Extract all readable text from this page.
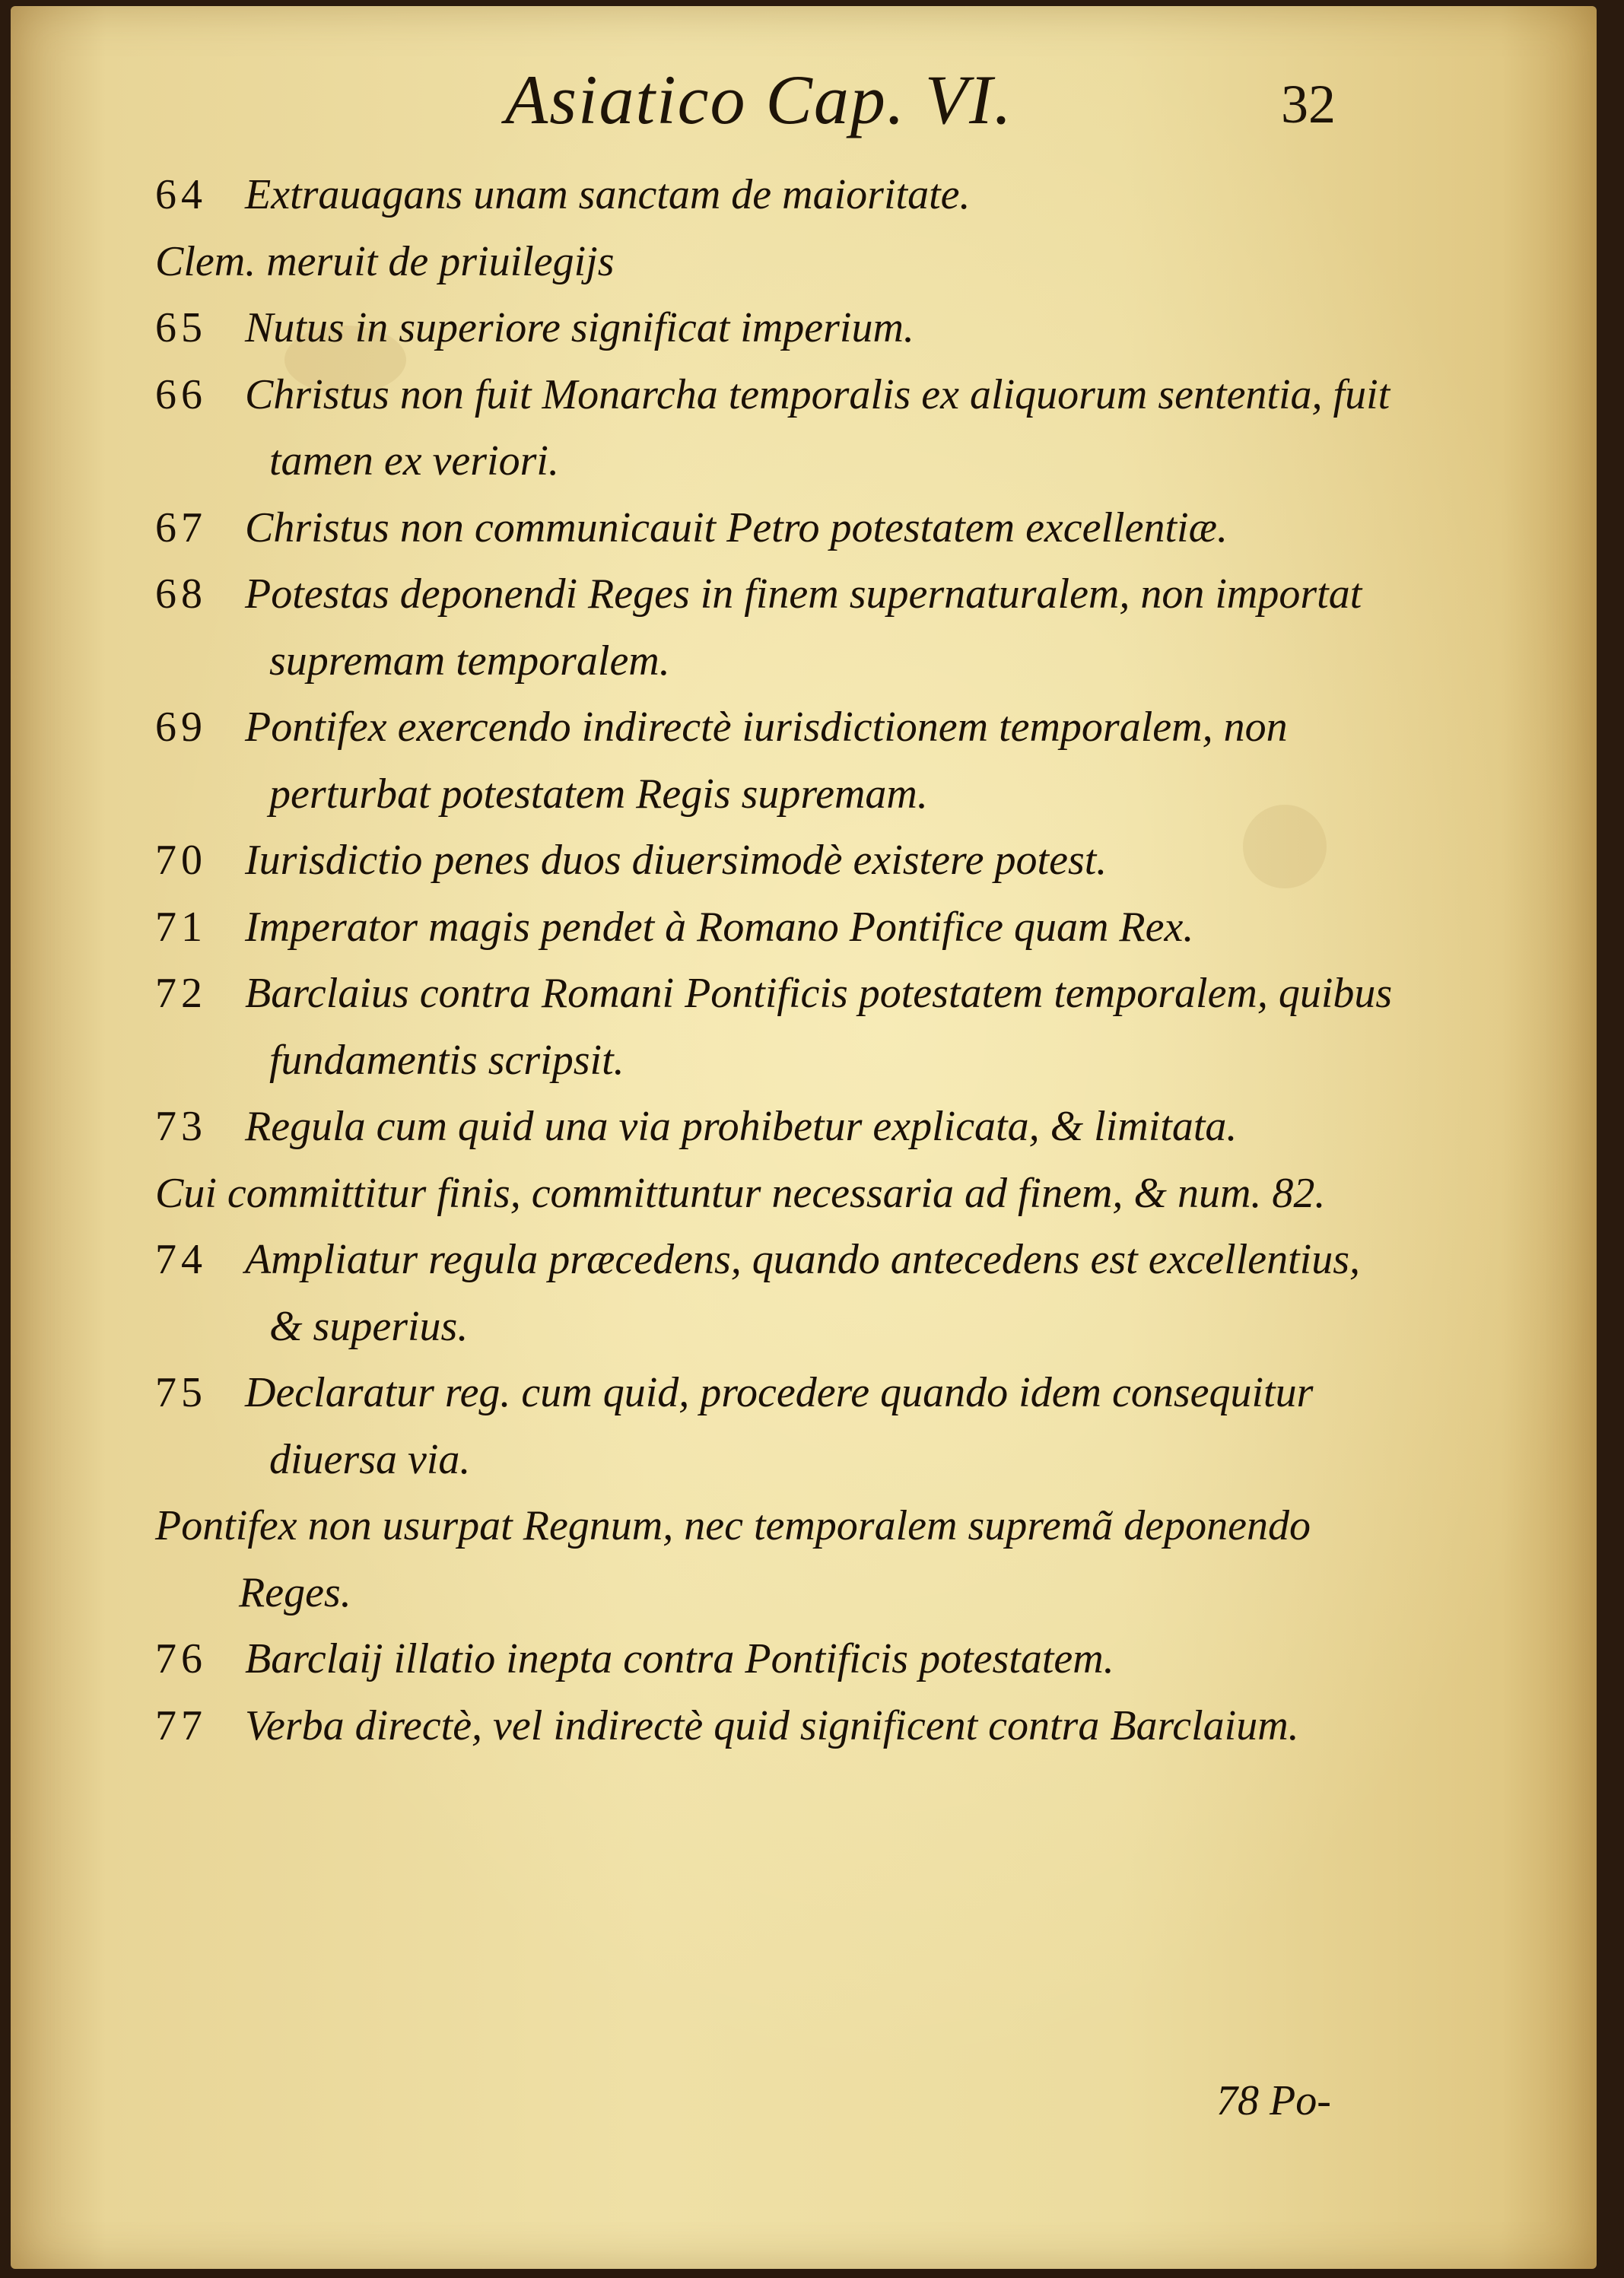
Asiatico Cap. VI.	32

64 Extrauagans unam sanctam de maioritate.

Clem. meruit de priuilegijs

65 Nutus in superiore significat imperium.

66 Christus non fuit Monarcha temporalis ex aliquorum sententia, fuit tamen ex veriori.

67 Christus non communicauit Petro potestatem excellentiæ.

68 Potestas deponendi Reges in finem supernaturalem, non importat supremam temporalem.

69 Pontifex exercendo indirectè iurisdictionem temporalem, non perturbat potestatem Regis supremam.

70 Iurisdictio penes duos diuersimodè existere potest.

71 Imperator magis pendet à Romano Pontifice quam Rex.

72 Barclaius contra Romani Pontificis potestatem temporalem, quibus fundamentis scripsit.

73 Regula cum quid una via prohibetur explicata, & limitata.

Cui committitur finis, committuntur necessaria ad finem, & num. 82.

74 Ampliatur regula præcedens, quando antecedens est excellentius, & superius.

75 Declaratur reg. cum quid, procedere quando idem consequitur diuersa via.

Pontifex non usurpat Regnum, nec temporalem supremã deponendo Reges.

76 Barclaij illatio inepta contra Pontificis potestatem.

77 Verba directè, vel indirectè quid significent contra Barclaium.

78 Po-
